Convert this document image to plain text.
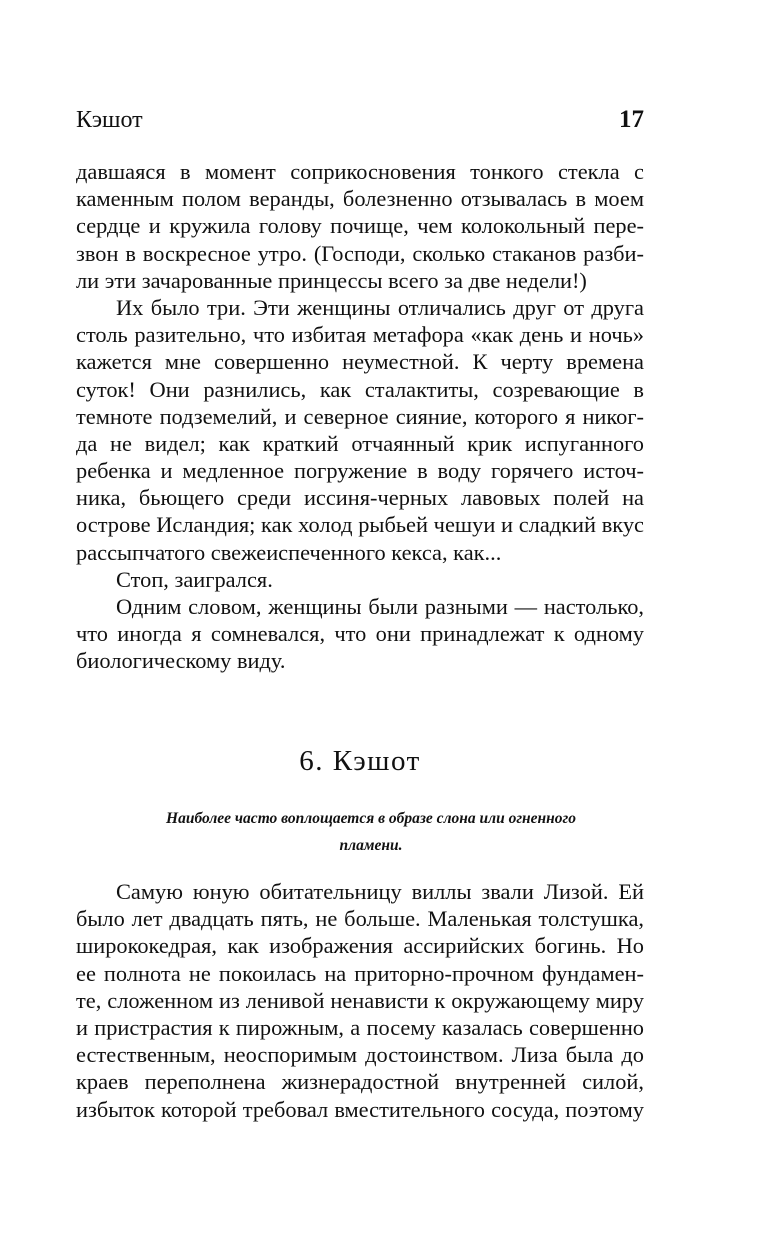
Кэшот	17
давшаяся в момент соприкосновения тонкого стекла с
каменным полом веранды, болезненно отзывалась в моем
сердце и кружила голову почище, чем колокольный пере-
звон в воскресное утро. (Господи, сколько стаканов разби-
ли эти зачарованные принцессы всего за две недели!)
Их было три. Эти женщины отличались друг от друга
столь разительно, что избитая метафора «как день и ночь»
кажется мне совершенно неуместной. К черту времена
суток! Они разнились, как сталактиты, созревающие в
темноте подземелий, и северное сияние, которого я никог-
да не видел; как краткий отчаянный крик испуганного
ребенка и медленное погружение в воду горячего источ-
ника, бьющего среди иссиня-черных лавовых полей на
острове Исландия; как холод рыбьей чешуи и сладкий вкус
рассыпчатого свежеиспеченного кекса, как...
Стоп, заигрался.
Одним словом, женщины были разными — настолько,
что иногда я сомневался, что они принадлежат к одному
биологическому виду.
6. Кэшот
Наиболее часто воплощается в образе слона или огненного
пламени.
Самую юную обитательницу виллы звали Лизой. Ей
было лет двадцать пять, не больше. Маленькая толстушка,
ширококедрая, как изображения ассирийских богинь. Но
ее полнота не покоилась на приторно-прочном фундамен-
те, сложенном из ленивой ненависти к окружающему миру
и пристрастия к пирожным, а посему казалась совершенно
естественным, неоспоримым достоинством. Лиза была до
краев переполнена жизнерадостной внутренней силой,
избыток которой требовал вместительного сосуда, поэтому
